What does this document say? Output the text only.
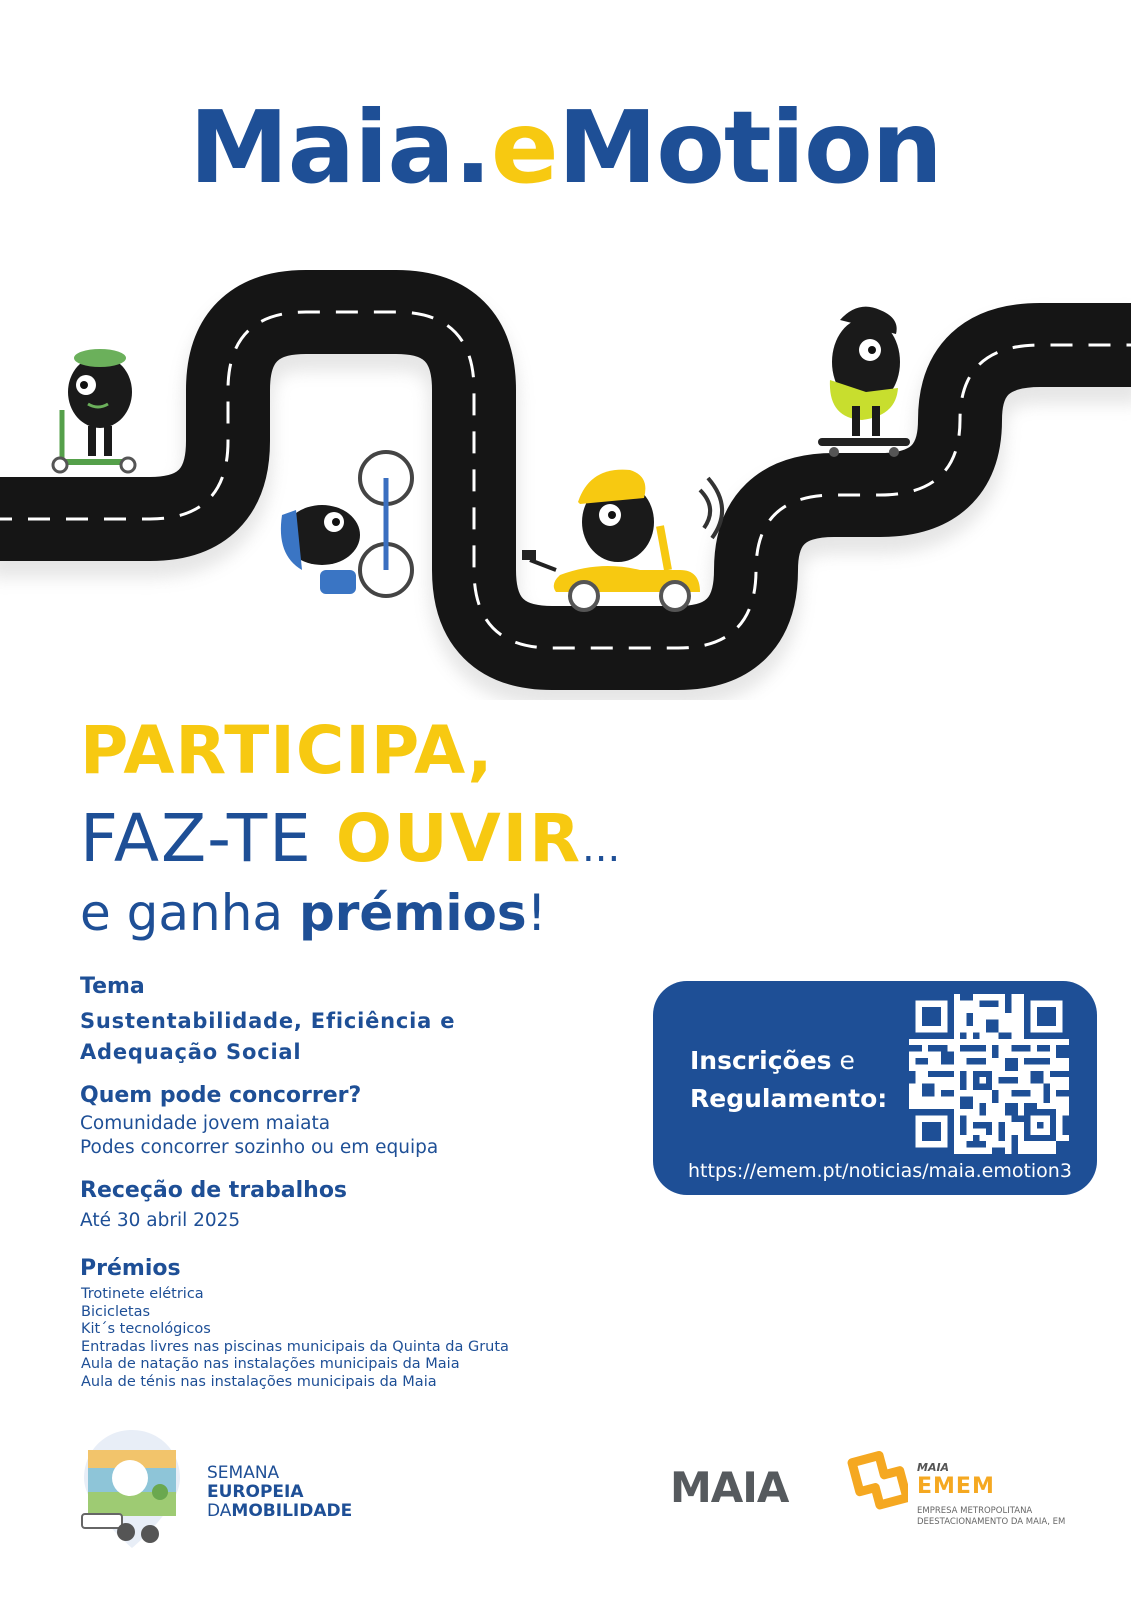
Maia.eMotion
PARTICIPA,
FAZ-TE OUVIR...
e ganha prémios!
Tema
Sustentabilidade, Eficiência e
Adequação Social
Quem pode concorrer?
Comunidade jovem maiata
Podes concorrer sozinho ou em equipa
Receção de trabalhos
Até 30 abril 2025
Prémios
Trotinete elétrica
Bicicletas
Kit´s tecnológicos
Entradas livres nas piscinas municipais da Quinta da Gruta
Aula de natação nas instalações municipais da Maia
Aula de ténis nas instalações municipais da Maia
Inscrições e
Regulamento:
https://emem.pt/noticias/maia.emotion3
SEMANA
EUROPEIA
DAMOBILIDADE	MAIA	MAIA
EMEM
EMPRESA METROPOLITANA
DEESTACIONAMENTO DA MAIA, EM
